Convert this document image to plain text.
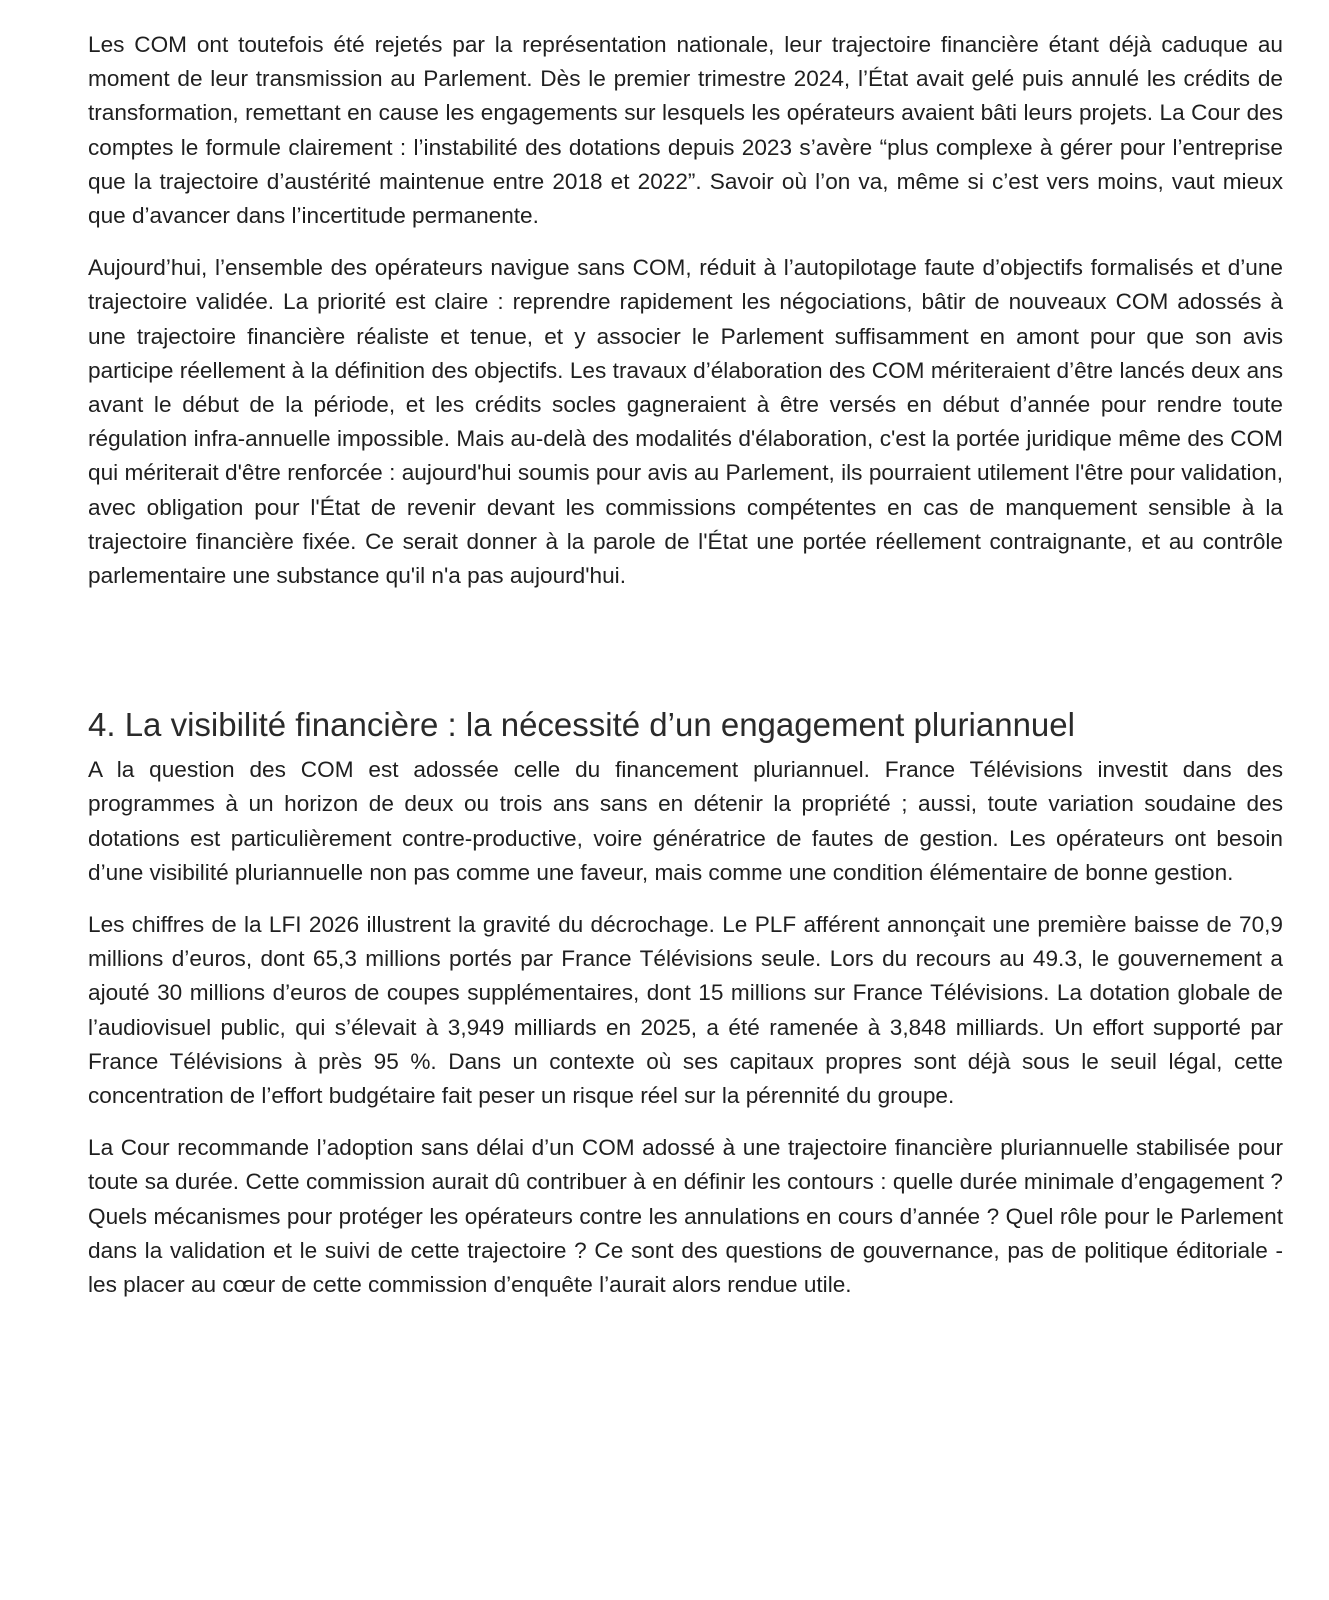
Les COM ont toutefois été rejetés par la représentation nationale, leur trajectoire financière étant déjà caduque au moment de leur transmission au Parlement. Dès le premier trimestre 2024, l’État avait gelé puis annulé les crédits de transformation, remettant en cause les engagements sur lesquels les opérateurs avaient bâti leurs projets. La Cour des comptes le formule clairement : l’instabilité des dotations depuis 2023 s’avère “plus complexe à gérer pour l’entreprise que la trajectoire d’austérité maintenue entre 2018 et 2022”. Savoir où l’on va, même si c’est vers moins, vaut mieux que d’avancer dans l’incertitude permanente.

Aujourd’hui, l’ensemble des opérateurs navigue sans COM, réduit à l’autopilotage faute d’objectifs formalisés et d’une trajectoire validée. La priorité est claire : reprendre rapidement les négociations, bâtir de nouveaux COM adossés à une trajectoire financière réaliste et tenue, et y associer le Parlement suffisamment en amont pour que son avis participe réellement à la définition des objectifs. Les travaux d’élaboration des COM mériteraient d’être lancés deux ans avant le début de la période, et les crédits socles gagneraient à être versés en début d’année pour rendre toute régulation infra-annuelle impossible. Mais au-delà des modalités d'élaboration, c'est la portée juridique même des COM qui mériterait d'être renforcée : aujourd'hui soumis pour avis au Parlement, ils pourraient utilement l'être pour validation, avec obligation pour l'État de revenir devant les commissions compétentes en cas de manquement sensible à la trajectoire financière fixée. Ce serait donner à la parole de l'État une portée réellement contraignante, et au contrôle parlementaire une substance qu'il n'a pas aujourd'hui.

4. La visibilité financière : la nécessité d’un engagement pluriannuel

A la question des COM est adossée celle du financement pluriannuel. France Télévisions investit dans des programmes à un horizon de deux ou trois ans sans en détenir la propriété ; aussi, toute variation soudaine des dotations est particulièrement contre-productive, voire génératrice de fautes de gestion. Les opérateurs ont besoin d’une visibilité pluriannuelle non pas comme une faveur, mais comme une condition élémentaire de bonne gestion.

Les chiffres de la LFI 2026 illustrent la gravité du décrochage. Le PLF afférent annonçait une première baisse de 70,9 millions d’euros, dont 65,3 millions portés par France Télévisions seule. Lors du recours au 49.3, le gouvernement a ajouté 30 millions d’euros de coupes supplémentaires, dont 15 millions sur France Télévisions. La dotation globale de l’audiovisuel public, qui s’élevait à 3,949 milliards en 2025, a été ramenée à 3,848 milliards. Un effort supporté par France Télévisions à près 95 %. Dans un contexte où ses capitaux propres sont déjà sous le seuil légal, cette concentration de l’effort budgétaire fait peser un risque réel sur la pérennité du groupe.

La Cour recommande l’adoption sans délai d’un COM adossé à une trajectoire financière pluriannuelle stabilisée pour toute sa durée. Cette commission aurait dû contribuer à en définir les contours : quelle durée minimale d’engagement ? Quels mécanismes pour protéger les opérateurs contre les annulations en cours d’année ? Quel rôle pour le Parlement dans la validation et le suivi de cette trajectoire ? Ce sont des questions de gouvernance, pas de politique éditoriale - les placer au cœur de cette commission d’enquête l’aurait alors rendue utile.
